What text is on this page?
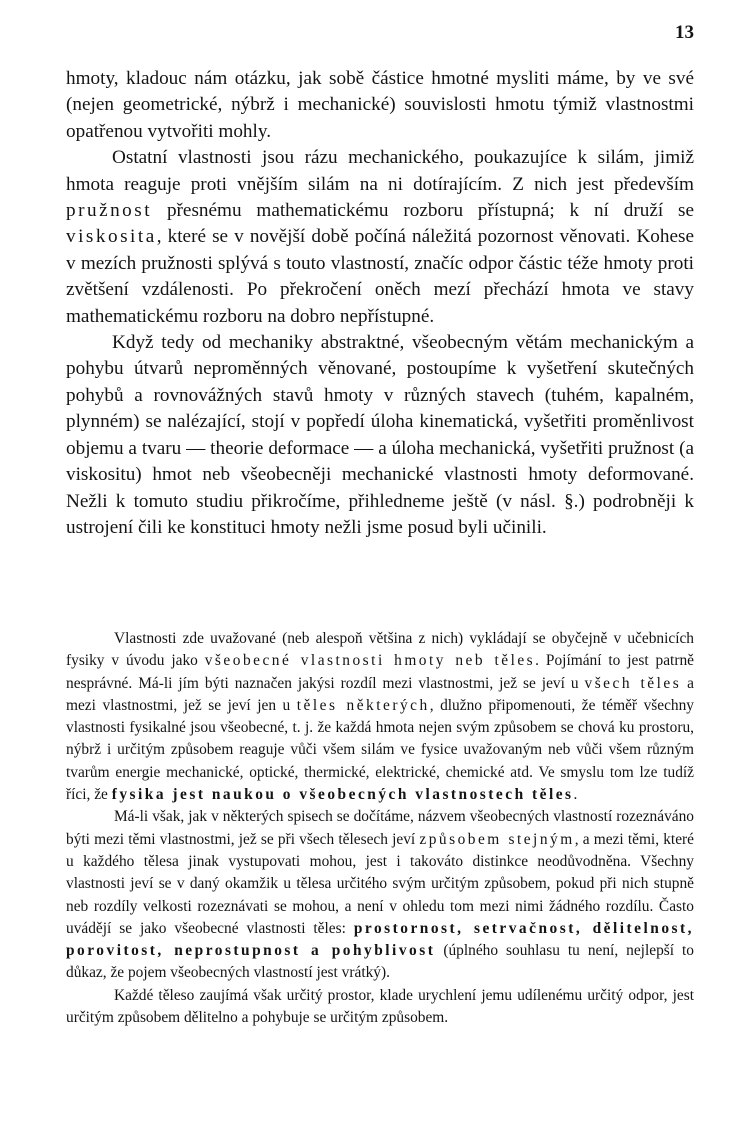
13

hmoty, kladouc nám otázku, jak sobě částice hmotné mysliti máme, by ve své (nejen geometrické, nýbrž i mechanické) souvislosti hmotu týmiž vlastnostmi opatřenou vytvořiti mohly.

Ostatní vlastnosti jsou rázu mechanického, poukazujíce k silám, jimiž hmota reaguje proti vnějším silám na ni dotírajícím. Z nich jest především pružnost přesnému mathematickému rozboru přístupná; k ní druží se viskosita, které se v novější době počíná náležitá pozornost věnovati. Kohese v mezích pružnosti splývá s touto vlastností, značíc odpor částic téže hmoty proti zvětšení vzdálenosti. Po překročení oněch mezí přechází hmota ve stavy mathematickému rozboru na dobro nepřístupné.

Když tedy od mechaniky abstraktné, všeobecným větám mechanickým a pohybu útvarů neproměnných věnované, postoupíme k vyšetření skutečných pohybů a rovnovážných stavů hmoty v různých stavech (tuhém, kapalném, plynném) se nalézající, stojí v popředí úloha kinematická, vyšetřiti proměnlivost objemu a tvaru — theorie deformace — a úloha mechanická, vyšetřiti pružnost (a viskositu) hmot neb všeobecněji mechanické vlastnosti hmoty deformované. Nežli k tomuto studiu přikročíme, přihledneme ještě (v násl. §.) podrobněji k ustrojení čili ke konstituci hmoty nežli jsme posud byli učinili.

Vlastnosti zde uvažované (neb alespoň většina z nich) vykládají se obyčejně v učebnicích fysiky v úvodu jako všeobecné vlastnosti hmoty neb těles. Pojímání to jest patrně nesprávné. Má-li jím býti naznačen jakýsi rozdíl mezi vlastnostmi, jež se jeví u všech těles a mezi vlastnostmi, jež se jeví jen u těles některých, dlužno připomenouti, že téměř všechny vlastnosti fysikalné jsou všeobecné, t. j. že každá hmota nejen svým způsobem se chová ku prostoru, nýbrž i určitým způsobem reaguje vůči všem silám ve fysice uvažovaným neb vůči všem různým tvarům energie mechanické, optické, thermické, elektrické, chemické atd. Ve smyslu tom lze tudíž říci, že fysika jest naukou o všeobecných vlastnostech těles.

Má-li však, jak v některých spisech se dočítáme, názvem všeobecných vlastností rozeznáváno býti mezi těmi vlastnostmi, jež se při všech tělesech jeví způsobem stejným, a mezi těmi, které u každého tělesa jinak vystupovati mohou, jest i takováto distinkce neodůvodněna. Všechny vlastnosti jeví se v daný okamžik u tělesa určitého svým určitým způsobem, pokud při nich stupně neb rozdíly velkosti rozeznávati se mohou, a není v ohledu tom mezi nimi žádného rozdílu. Často uvádějí se jako všeobecné vlastnosti těles: prostornost, setrvačnost, dělitelnost, porovitost, neprostupnost a pohyblivost (úplného souhlasu tu není, nejlepší to důkaz, že pojem všeobecných vlastností jest vrátký).

Každé těleso zaujímá však určitý prostor, klade urychlení jemu udílenému určitý odpor, jest určitým způsobem dělitelno a pohybuje se určitým způsobem.
